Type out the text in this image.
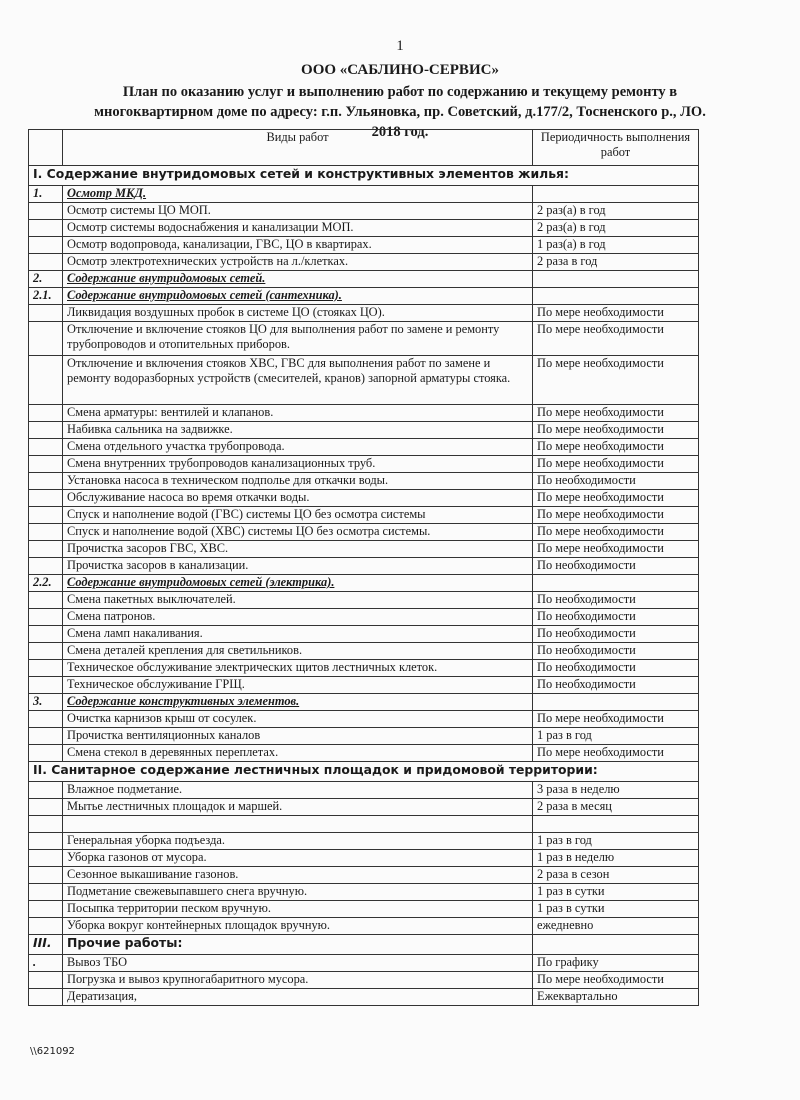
1
ООО «САБЛИНО-СЕРВИС»
План по оказанию услуг и выполнению работ по содержанию и текущему ремонту в
многоквартирном доме по адресу: г.п. Ульяновка, пр. Советский, д.177/2, Тосненского р., ЛО.
2018 год.
	Виды работ	Периодичность выполнения работ
I. Содержание внутридомовых сетей и конструктивных элементов жилья:		
1.	Осмотр МКД.	
	Осмотр системы ЦО МОП.	2 раз(а) в год
	Осмотр системы водоснабжения и канализации МОП.	2 раз(а) в год
	Осмотр водопровода, канализации, ГВС, ЦО в квартирах.	1 раз(а) в год
	Осмотр электротехнических устройств на л./клетках.	2 раза в год
2.	Содержание внутридомовых сетей.	
2.1.	Содержание внутридомовых сетей (сантехника).	
	Ликвидация воздушных пробок в системе ЦО (стояках ЦО).	По мере необходимости
	Отключение и включение стояков ЦО для выполнения работ по замене и ремонту трубопроводов и отопительных приборов.	По мере необходимости
	Отключение и включения стояков ХВС, ГВС для выполнения работ по замене и ремонту водоразборных устройств (смесителей, кранов) запорной арматуры стояка.	По мере необходимости
	Смена арматуры: вентилей и клапанов.	По мере необходимости
	Набивка сальника на задвижке.	По мере необходимости
	Смена отдельного участка трубопровода.	По мере необходимости
	Смена внутренних трубопроводов канализационных труб.	По мере необходимости
	Установка насоса в техническом подполье для откачки воды.	По необходимости
	Обслуживание насоса во время откачки воды.	По мере необходимости
	Спуск и наполнение водой (ГВС) системы ЦО без осмотра системы	По мере необходимости
	Спуск и наполнение водой (ХВС) системы ЦО без осмотра системы.	По мере необходимости
	Прочистка засоров ГВС, ХВС.	По мере необходимости
	Прочистка засоров в канализации.	По необходимости
2.2.	Содержание внутридомовых сетей (электрика).	
	Смена пакетных выключателей.	По необходимости
	Смена патронов.	По необходимости
	Смена ламп накаливания.	По необходимости
	Смена деталей крепления для светильников.	По необходимости
	Техническое обслуживание электрических щитов лестничных клеток.	По необходимости
	Техническое обслуживание ГРЩ.	По необходимости
3.	Содержание конструктивных элементов.	
	Очистка карнизов крыш от сосулек.	По мере необходимости
	Прочистка вентиляционных каналов	1 раз в год
	Смена стекол в деревянных переплетах.	По мере необходимости
II. Санитарное содержание лестничных площадок и придомовой территории:		
	Влажное подметание.	3 раза в неделю
	Мытье лестничных площадок и маршей.	2 раза в месяц

	Генеральная уборка подъезда.	1 раз в год
	Уборка газонов от мусора.	1 раз в неделю
	Сезонное выкашивание газонов.	2 раза в сезон
	Подметание свежевыпавшего снега вручную.	1 раз в сутки
	Посыпка территории песком вручную.	1 раз в сутки
	Уборка вокруг контейнерных площадок вручную.	ежедневно
III.	Прочие работы:	
.	Вывоз ТБО	По графику
	Погрузка и вывоз крупногабаритного мусора.	По мере необходимости
	Дератизация,	Ежеквартально
\\621092
